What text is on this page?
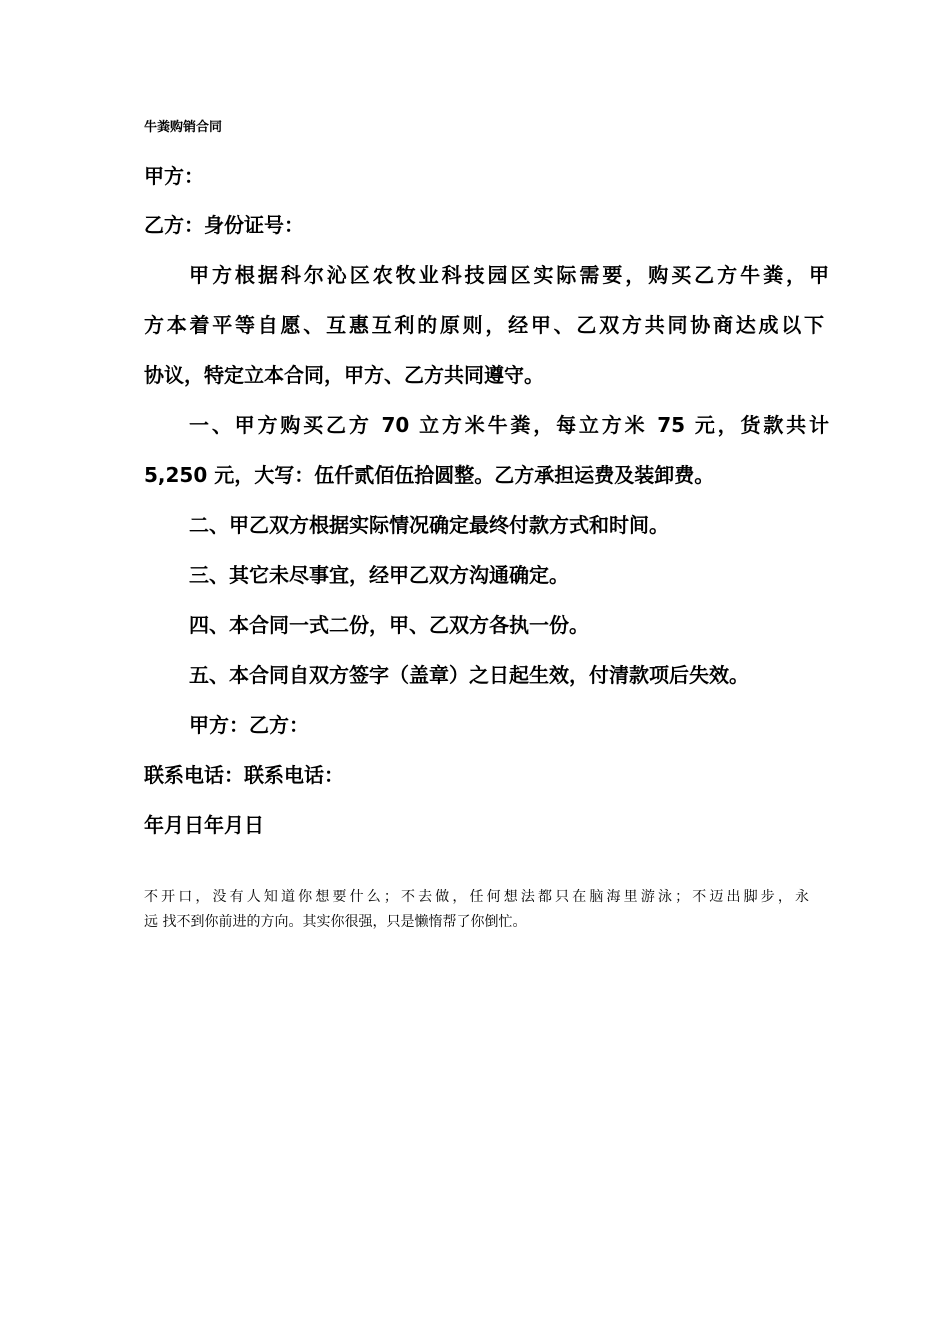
牛粪购销合同
甲方：
乙方：身份证号：
甲方根据科尔沁区农牧业科技园区实际需要，购买乙方牛粪，甲
方本着平等自愿、互惠互利的原则，经甲、乙双方共同协商达成以下
协议，特定立本合同，甲方、乙方共同遵守。
一、甲方购买乙方 70 立方米牛粪，每立方米 75 元，货款共计
5,250 元，大写：伍仟贰佰伍拾圆整。乙方承担运费及装卸费。
二、甲乙双方根据实际情况确定最终付款方式和时间。
三、其它未尽事宜，经甲乙双方沟通确定。
四、本合同一式二份，甲、乙双方各执一份。
五、本合同自双方签字（盖章）之日起生效，付清款项后失效。
甲方：乙方：
联系电话：联系电话：
年月日年月日
不开口，没有人知道你想要什么；不去做，任何想法都只在脑海里游泳；不迈出脚步，永
远 找不到你前进的方向。其实你很强，只是懒惰帮了你倒忙。
